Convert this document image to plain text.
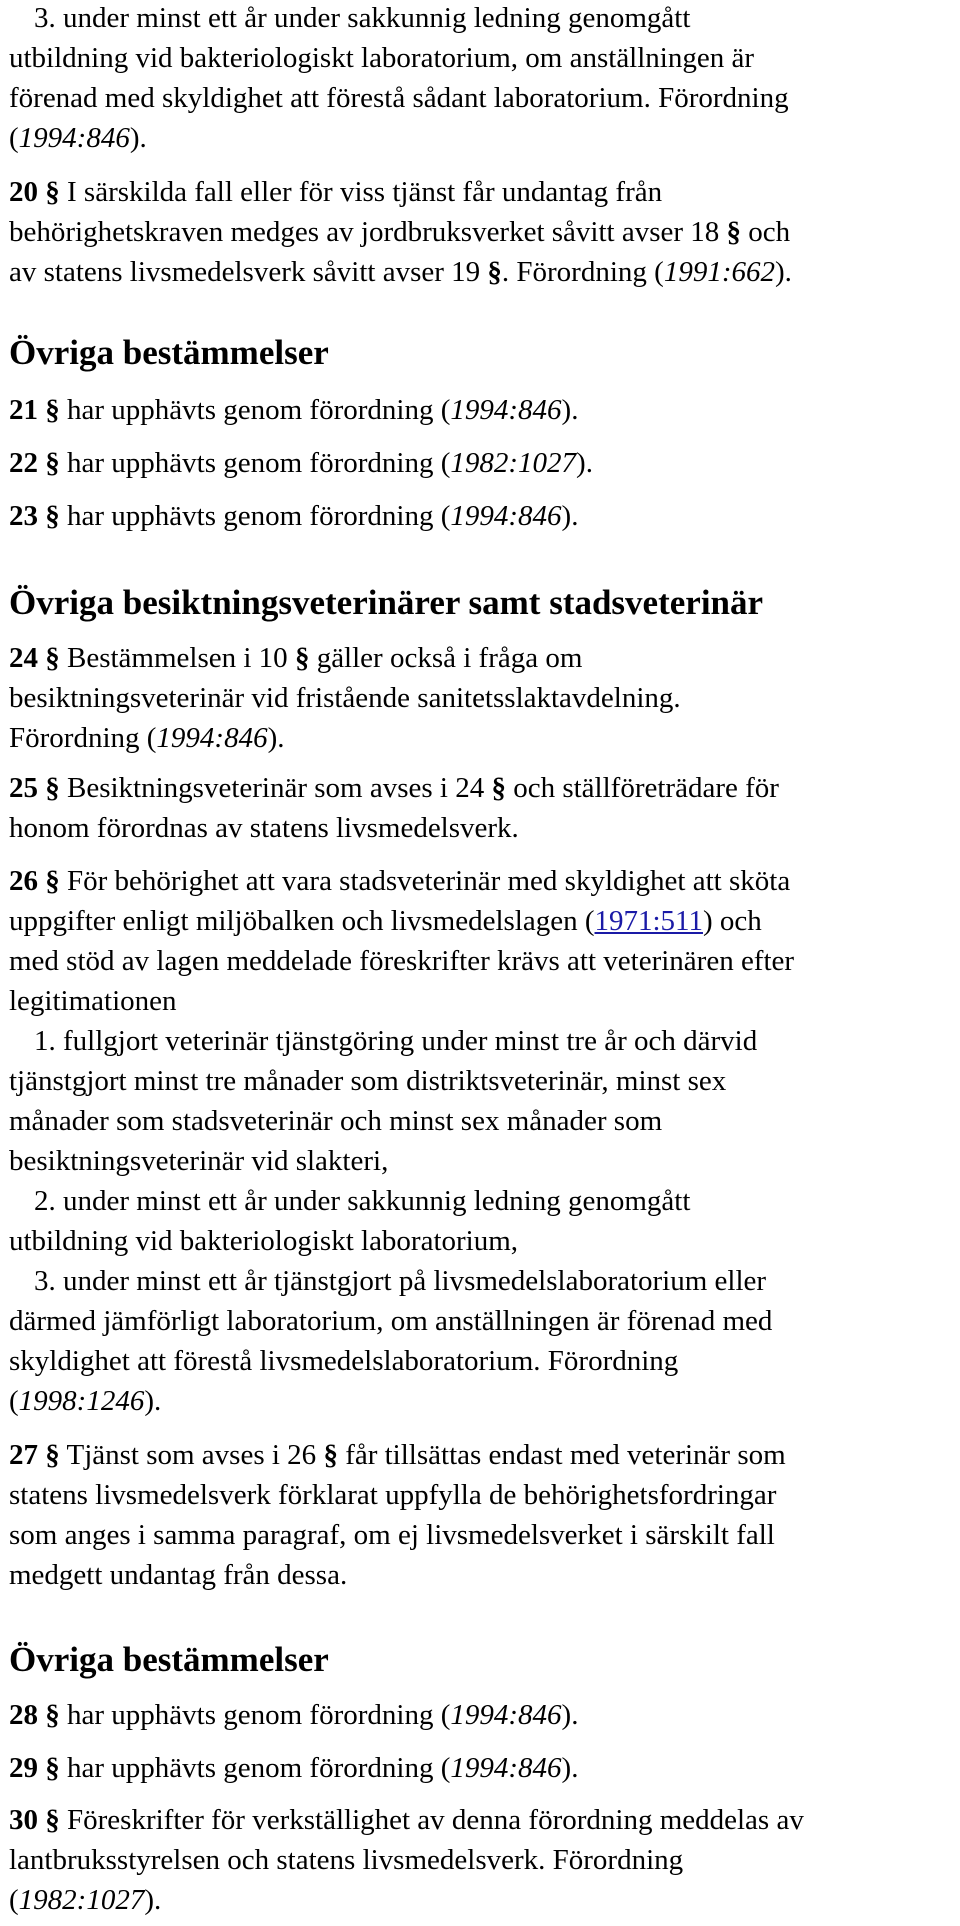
3. under minst ett år under sakkunnig ledning genomgått
utbildning vid bakteriologiskt laboratorium, om anställningen är
förenad med skyldighet att förestå sådant laboratorium. Förordning
(1994:846).
20 § I särskilda fall eller för viss tjänst får undantag från
behörighetskraven medges av jordbruksverket såvitt avser 18 § och
av statens livsmedelsverk såvitt avser 19 §. Förordning (1991:662).
Övriga bestämmelser
21 § har upphävts genom förordning (1994:846).
22 § har upphävts genom förordning (1982:1027).
23 § har upphävts genom förordning (1994:846).
Övriga besiktningsveterinärer samt stadsveterinär
24 § Bestämmelsen i 10 § gäller också i fråga om
besiktningsveterinär vid fristående sanitetsslaktavdelning.
Förordning (1994:846).
25 § Besiktningsveterinär som avses i 24 § och ställföreträdare för
honom förordnas av statens livsmedelsverk.
26 § För behörighet att vara stadsveterinär med skyldighet att sköta
uppgifter enligt miljöbalken och livsmedelslagen (1971:511) och
med stöd av lagen meddelade föreskrifter krävs att veterinären efter
legitimationen
1. fullgjort veterinär tjänstgöring under minst tre år och därvid
tjänstgjort minst tre månader som distriktsveterinär, minst sex
månader som stadsveterinär och minst sex månader som
besiktningsveterinär vid slakteri,
2. under minst ett år under sakkunnig ledning genomgått
utbildning vid bakteriologiskt laboratorium,
3. under minst ett år tjänstgjort på livsmedelslaboratorium eller
därmed jämförligt laboratorium, om anställningen är förenad med
skyldighet att förestå livsmedelslaboratorium. Förordning
(1998:1246).
27 § Tjänst som avses i 26 § får tillsättas endast med veterinär som
statens livsmedelsverk förklarat uppfylla de behörighetsfordringar
som anges i samma paragraf, om ej livsmedelsverket i särskilt fall
medgett undantag från dessa.
Övriga bestämmelser
28 § har upphävts genom förordning (1994:846).
29 § har upphävts genom förordning (1994:846).
30 § Föreskrifter för verkställighet av denna förordning meddelas av
lantbruksstyrelsen och statens livsmedelsverk. Förordning
(1982:1027).
